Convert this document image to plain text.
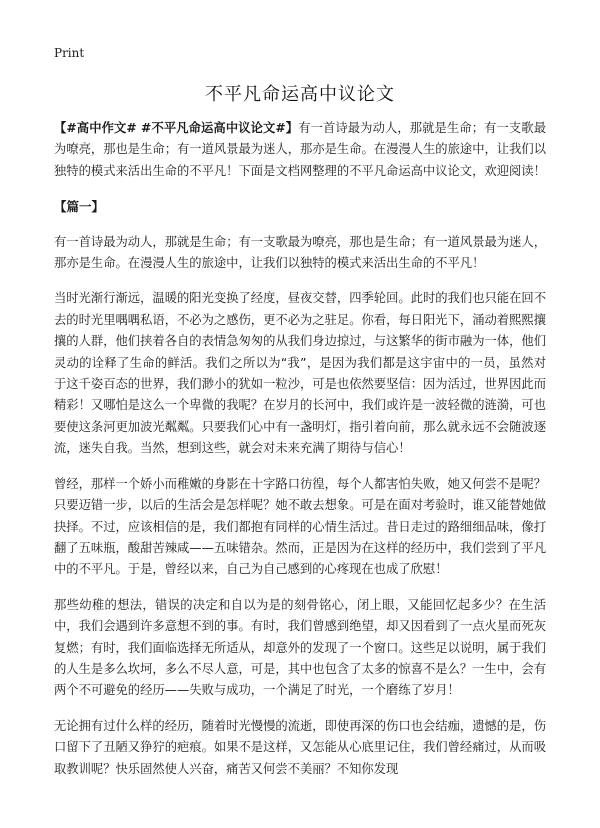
Print
不平凡命运高中议论文

【#高中作文# #不平凡命运高中议论文#】有一首诗最为动人，那就是生命；有一支歌最为嘹亮，那也是生命；有一道风景最为迷人，那亦是生命。在漫漫人生的旅途中，让我们以独特的模式来活出生命的不平凡！下面是文档网整理的不平凡命运高中议论文，欢迎阅读！

【篇一】

有一首诗最为动人，那就是生命；有一支歌最为嘹亮，那也是生命；有一道风景最为迷人，那亦是生命。在漫漫人生的旅途中，让我们以独特的模式来活出生命的不平凡！

当时光渐行渐远，温暖的阳光变换了经度，昼夜交替，四季轮回。此时的我们也只能在回不去的时光里喁喁私语，不必为之感伤，更不必为之驻足。你看，每日阳光下，涌动着熙熙攘攘的人群，他们挟着各自的表情急匆匆的从我们身边掠过，与这繁华的街市融为一体，他们灵动的诠释了生命的鲜活。我们之所以为“我”，是因为我们都是这宇宙中的一员，虽然对于这千姿百态的世界，我们渺小的犹如一粒沙，可是也依然要坚信：因为活过，世界因此而精彩！又哪怕是这么一个卑微的我呢？在岁月的长河中，我们或许是一波轻微的涟漪，可也要使这条河更加波光粼粼。只要我们心中有一盏明灯，指引着向前，那么就永远不会随波逐流，迷失自我。当然，想到这些，就会对未来充满了期待与信心！

曾经，那样一个娇小而稚嫩的身影在十字路口彷徨，每个人都害怕失败，她又何尝不是呢？只要迈错一步，以后的生活会是怎样呢？她不敢去想象。可是在面对考验时，谁又能替她做抉择。不过，应该相信的是，我们都抱有同样的心情生活过。昔日走过的路细细品味，像打翻了五味瓶，酸甜苦辣咸——五味错杂。然而，正是因为在这样的经历中，我们尝到了平凡中的不平凡。于是，曾经以来，自己为自己感到的心疼现在也成了欣慰！

那些幼稚的想法，错误的决定和自以为是的刻骨铭心，闭上眼，又能回忆起多少？在生活中，我们会遇到许多意想不到的事。有时，我们曾感到绝望，却又因看到了一点火星而死灰复燃；有时，我们面临选择无所适从，却意外的发现了一个窗口。这些足以说明，属于我们的人生是多么坎坷，多么不尽人意，可是，其中也包含了太多的惊喜不是么？一生中，会有两个不可避免的经历——失败与成功，一个满足了时光，一个磨练了岁月！

无论拥有过什么样的经历，随着时光慢慢的流逝，即使再深的伤口也会结痂，遗憾的是，伤口留下了丑陋又狰狞的疤痕。如果不是这样，又怎能从心底里记住，我们曾经痛过，从而吸取教训呢？快乐固然使人兴奋，痛苦又何尝不美丽？不知你发现
